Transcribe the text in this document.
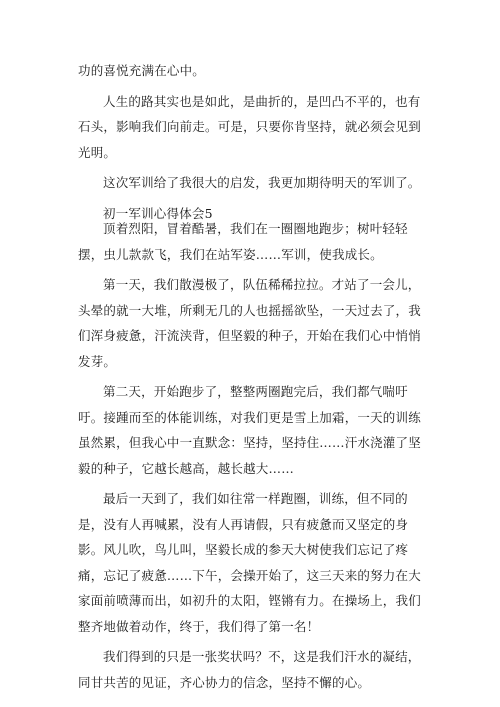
功的喜悦充满在心中。

人生的路其实也是如此，是曲折的，是凹凸不平的，也有石头，影响我们向前走。可是，只要你肯坚持，就必须会见到光明。

这次军训给了我很大的启发，我更加期待明天的军训了。

初一军训心得体会5

顶着烈阳，冒着酷暑，我们在一圈圈地跑步；树叶轻轻摆，虫儿款款飞，我们在站军姿……军训，使我成长。

第一天，我们散漫极了，队伍稀稀拉拉。才站了一会儿，头晕的就一大堆，所剩无几的人也摇摇欲坠，一天过去了，我们浑身疲惫，汗流浃背，但坚毅的种子，开始在我们心中悄悄发芽。

第二天，开始跑步了，整整两圈跑完后，我们都气喘吁吁。接踵而至的体能训练，对我们更是雪上加霜，一天的训练虽然累，但我心中一直默念：坚持，坚持住……汗水浇灌了坚毅的种子，它越长越高，越长越大……

最后一天到了，我们如往常一样跑圈，训练，但不同的是，没有人再喊累，没有人再请假，只有疲惫而又坚定的身影。风儿吹，鸟儿叫，坚毅长成的参天大树使我们忘记了疼痛，忘记了疲惫……下午，会操开始了，这三天来的努力在大家面前喷薄而出，如初升的太阳，铿锵有力。在操场上，我们整齐地做着动作，终于，我们得了第一名！

我们得到的只是一张奖状吗？不，这是我们汗水的凝结，同甘共苦的见证，齐心协力的信念，坚持不懈的心。
